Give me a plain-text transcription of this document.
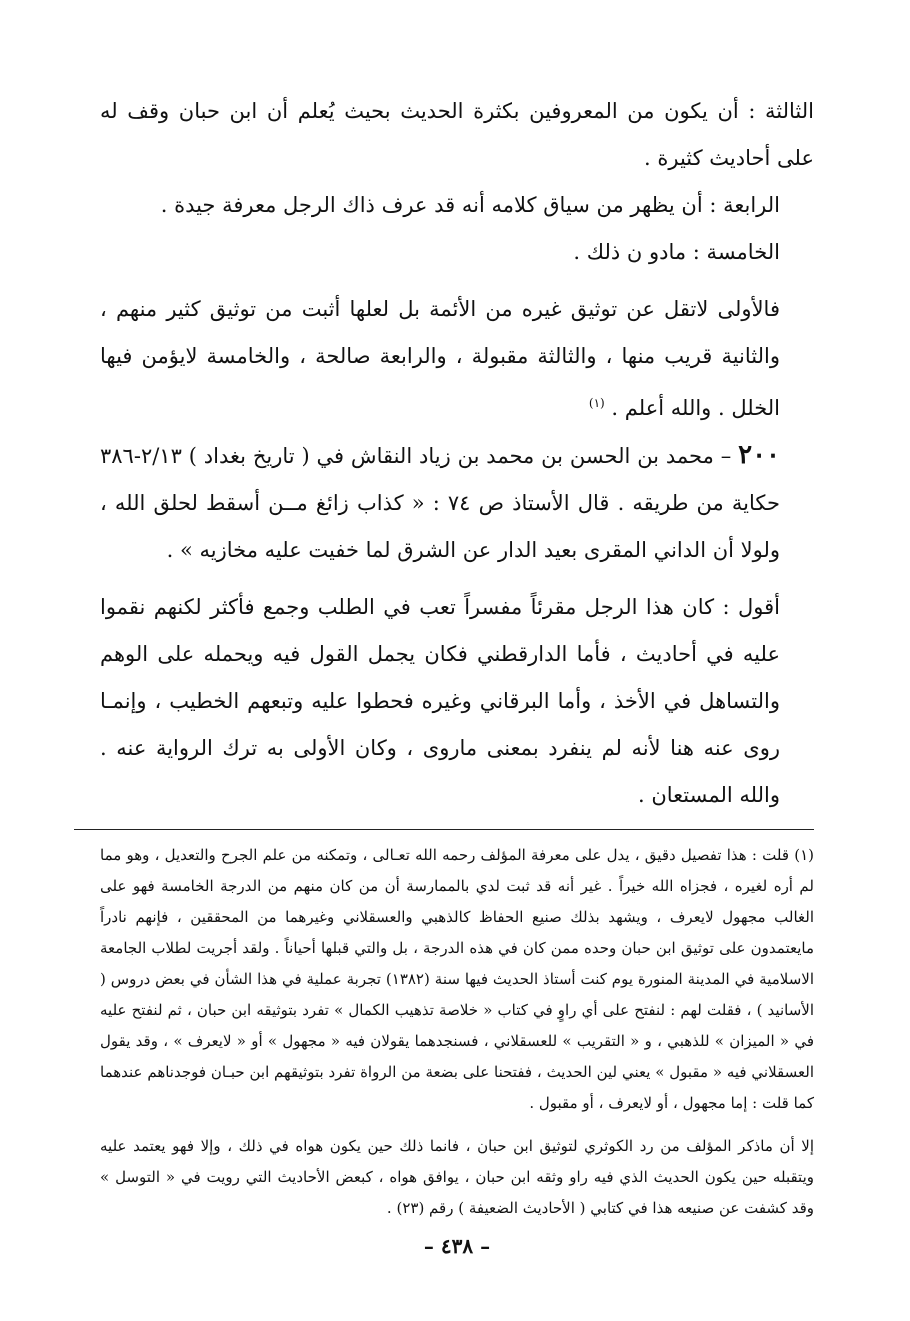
الثالثة : أن يكون من المعروفين بكثرة الحديث بحيث يُعلم أن ابن حبان وقف له على أحاديث كثيرة .

الرابعة : أن يظهر من سياق كلامه أنه قد عرف ذاك الرجل معرفة جيدة .

الخامسة : مادو ن ذلك .

فالأولى لاتقل عن توثيق غيره من الأئمة بل لعلها أثبت من توثيق كثير منهم ، والثانية قريب منها ، والثالثة مقبولة ، والرابعة صالحة ، والخامسة لايؤمن فيها الخلل . والله أعلم . $^{(١)}$

٢٠٠ – محمد بن الحسن بن محمد بن زياد النقاش في ( تاريخ بغداد ) ٢/١٣-٣٨٦ حكاية من طريقه . قال الأستاذ ص ٧٤ : « كذاب زائغ مــن أسقط لحلق الله ، ولولا أن الداني المقرى بعيد الدار عن الشرق لما خفيت عليه مخازيه » .

أقول : كان هذا الرجل مقرئاً مفسراً تعب في الطلب وجمع فأكثر لكنهم نقموا عليه في أحاديث ، فأما الدارقطني فكان يجمل القول فيه ويحمله على الوهم والتساهل في الأخذ ، وأما البرقاني وغيره فحطوا عليه وتبعهم الخطيب ، وإنمـا روى عنه هنا لأنه لم ينفرد بمعنى ماروى ، وكان الأولى به ترك الرواية عنه . والله المستعان .

(١) قلت : هذا تفصيل دقيق ، يدل على معرفة المؤلف رحمه الله تعـالى ، وتمكنه من علم الجرح والتعديل ، وهو مما لم أره لغيره ، فجزاه الله خيراً . غير أنه قد ثبت لدي بالممارسة أن من كان منهم من الدرجة الخامسة فهو على الغالب مجهول لايعرف ، ويشهد بذلك صنيع الحفاظ كالذهبي والعسقلاني وغيرهما من المحققين ، فإنهم نادراً مايعتمدون على توثيق ابن حبان وحده ممن كان في هذه الدرجة ، بل والتي قبلها أحياناً . ولقد أجريت لطلاب الجامعة الاسلامية في المدينة المنورة يوم كنت أستاذ الحديث فيها سنة (١٣٨٢) تجربة عملية في هذا الشأن في بعض دروس ( الأسانيد ) ، فقلت لهم : لنفتح على أي راوٍ في كتاب « خلاصة تذهيب الكمال » تفرد بتوثيقه ابن حبان ، ثم لنفتح عليه في « الميزان » للذهبي ، و « التقريب » للعسقلاني ، فسنجدهما يقولان فيه « مجهول » أو « لايعرف » ، وقد يقول العسقلاني فيه « مقبول » يعني لين الحديث ، ففتحنا على بضعة من الرواة تفرد بتوثيقهم ابن حبـان فوجدناهم عندهما كما قلت : إما مجهول ، أو لايعرف ، أو مقبول .

إلا أن ماذكر المؤلف من رد الكوثري لتوثيق ابن حبان ، فانما ذلك حين يكون هواه في ذلك ، وإلا فهو يعتمد عليه ويتقبله حين يكون الحديث الذي فيه راو وثقه ابن حبان ، يوافق هواه ، كبعض الأحاديث التي رويت في « التوسل » وقد كشفت عن صنيعه هذا في كتابي ( الأحاديث الضعيفة ) رقم (٢٣) .

– ٤٣٨ –
